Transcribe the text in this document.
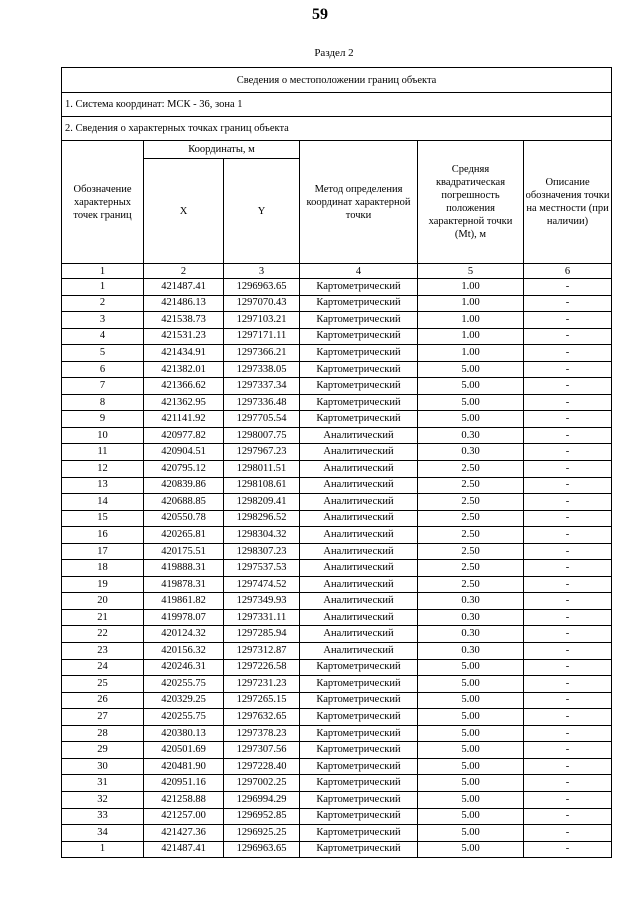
59
Раздел 2
Сведения о местоположении границ объекта					
1. Система координат: МСК - 36, зона 1					
2. Сведения о характерных точках границ объекта					
Обозначение характерных точек границ	Координаты, м		Метод определения координат характерной точки	Средняя квадратическая погрешность положения характерной точки (Mt), м	Описание обозначения точки на местности (при наличии)
	X	Y			
1	2	3	4	5	6
1	421487.41	1296963.65	Картометрический	1.00	-
2	421486.13	1297070.43	Картометрический	1.00	-
3	421538.73	1297103.21	Картометрический	1.00	-
4	421531.23	1297171.11	Картометрический	1.00	-
5	421434.91	1297366.21	Картометрический	1.00	-
6	421382.01	1297338.05	Картометрический	5.00	-
7	421366.62	1297337.34	Картометрический	5.00	-
8	421362.95	1297336.48	Картометрический	5.00	-
9	421141.92	1297705.54	Картометрический	5.00	-
10	420977.82	1298007.75	Аналитический	0.30	-
11	420904.51	1297967.23	Аналитический	0.30	-
12	420795.12	1298011.51	Аналитический	2.50	-
13	420839.86	1298108.61	Аналитический	2.50	-
14	420688.85	1298209.41	Аналитический	2.50	-
15	420550.78	1298296.52	Аналитический	2.50	-
16	420265.81	1298304.32	Аналитический	2.50	-
17	420175.51	1298307.23	Аналитический	2.50	-
18	419888.31	1297537.53	Аналитический	2.50	-
19	419878.31	1297474.52	Аналитический	2.50	-
20	419861.82	1297349.93	Аналитический	0.30	-
21	419978.07	1297331.11	Аналитический	0.30	-
22	420124.32	1297285.94	Аналитический	0.30	-
23	420156.32	1297312.87	Аналитический	0.30	-
24	420246.31	1297226.58	Картометрический	5.00	-
25	420255.75	1297231.23	Картометрический	5.00	-
26	420329.25	1297265.15	Картометрический	5.00	-
27	420255.75	1297632.65	Картометрический	5.00	-
28	420380.13	1297378.23	Картометрический	5.00	-
29	420501.69	1297307.56	Картометрический	5.00	-
30	420481.90	1297228.40	Картометрический	5.00	-
31	420951.16	1297002.25	Картометрический	5.00	-
32	421258.88	1296994.29	Картометрический	5.00	-
33	421257.00	1296952.85	Картометрический	5.00	-
34	421427.36	1296925.25	Картометрический	5.00	-
1	421487.41	1296963.65	Картометрический	5.00	-
